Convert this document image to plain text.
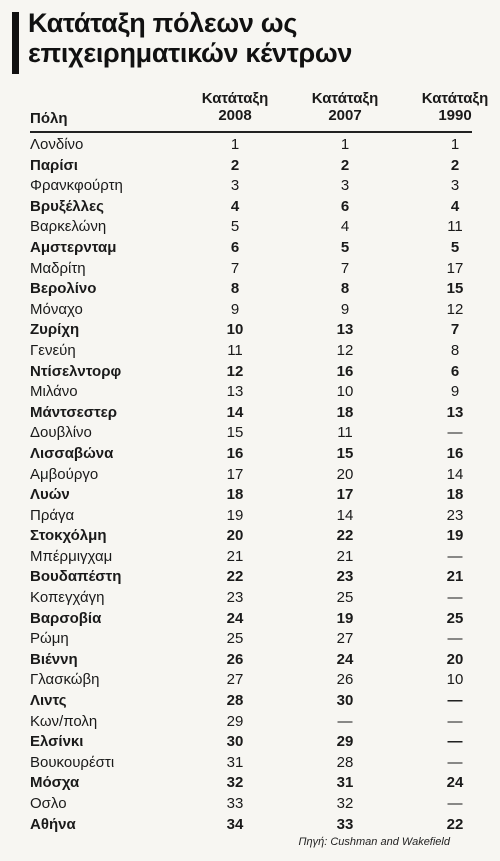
Κατάταξη πόλεων ως επιχειρηματικών κέντρων
Πόλη
Κατάταξη
2008
Κατάταξη
2007
Κατάταξη
1990
Λονδίνο	1	1	1
Παρίσι	2	2	2
Φρανκφούρτη	3	3	3
Βρυξέλλες	4	6	4
Βαρκελώνη	5	4	11
Αμστερνταμ	6	5	5
Μαδρίτη	7	7	17
Βερολίνο	8	8	15
Μόναχο	9	9	12
Ζυρίχη	10	13	7
Γενεύη	11	12	8
Ντίσελντορφ	12	16	6
Μιλάνο	13	10	9
Μάντσεστερ	14	18	13
Δουβλίνο	15	11	—
Λισσαβώνα	16	15	16
Αμβούργο	17	20	14
Λυών	18	17	18
Πράγα	19	14	23
Στοκχόλμη	20	22	19
Μπέρμιγχαμ	21	21	—
Βουδαπέστη	22	23	21
Κοπεγχάγη	23	25	—
Βαρσοβία	24	19	25
Ρώμη	25	27	—
Βιέννη	26	24	20
Γλασκώβη	27	26	10
Λιντς	28	30	—
Κων/πολη	29	—	—
Ελσίνκι	30	29	—
Βουκουρέστι	31	28	—
Μόσχα	32	31	24
Οσλο	33	32	—
Αθήνα	34	33	22
Πηγή: Cushman and Wakefield
